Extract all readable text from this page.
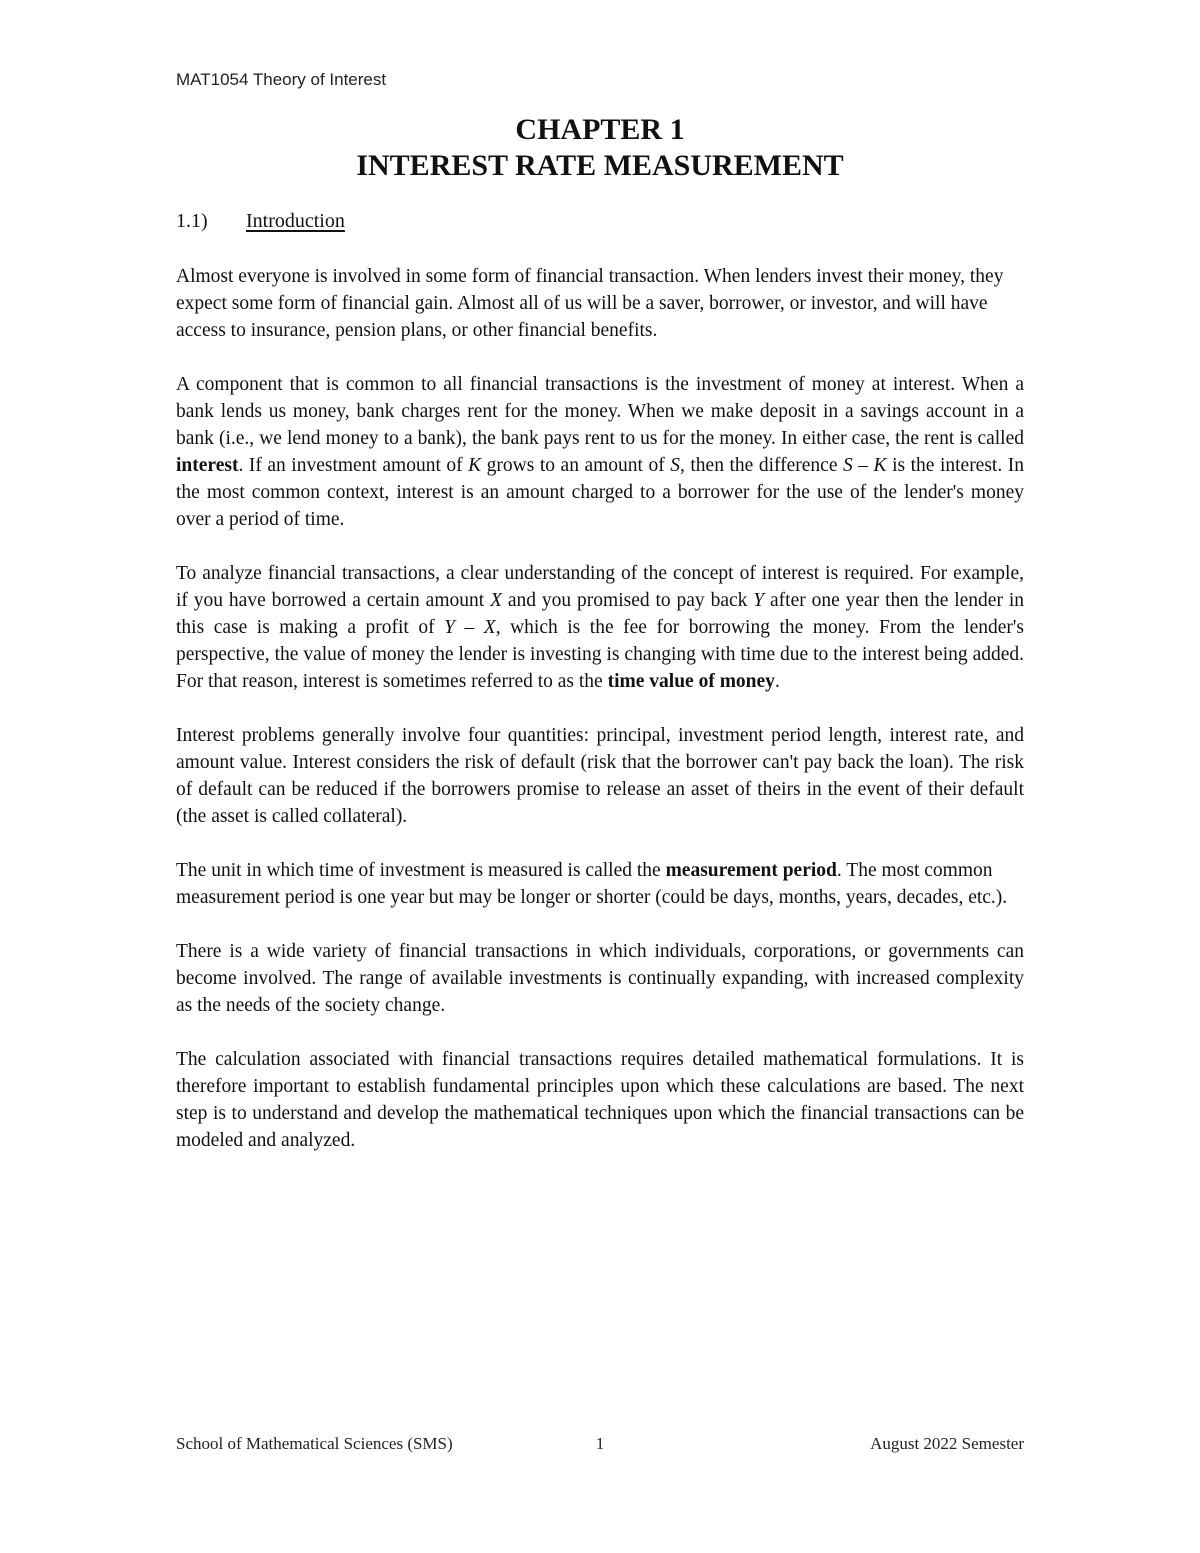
MAT1054 Theory of Interest
CHAPTER 1
INTEREST RATE MEASUREMENT
1.1) Introduction

Almost everyone is involved in some form of financial transaction. When lenders invest their money, they expect some form of financial gain. Almost all of us will be a saver, borrower, or investor, and will have access to insurance, pension plans, or other financial benefits.

A component that is common to all financial transactions is the investment of money at interest. When a bank lends us money, bank charges rent for the money. When we make deposit in a savings account in a bank (i.e., we lend money to a bank), the bank pays rent to us for the money. In either case, the rent is called interest. If an investment amount of K grows to an amount of S, then the difference S – K is the interest. In the most common context, interest is an amount charged to a borrower for the use of the lender's money over a period of time.

To analyze financial transactions, a clear understanding of the concept of interest is required. For example, if you have borrowed a certain amount X and you promised to pay back Y after one year then the lender in this case is making a profit of Y – X, which is the fee for borrowing the money. From the lender's perspective, the value of money the lender is investing is changing with time due to the interest being added. For that reason, interest is sometimes referred to as the time value of money.

Interest problems generally involve four quantities: principal, investment period length, interest rate, and amount value. Interest considers the risk of default (risk that the borrower can't pay back the loan). The risk of default can be reduced if the borrowers promise to release an asset of theirs in the event of their default (the asset is called collateral).

The unit in which time of investment is measured is called the measurement period. The most common measurement period is one year but may be longer or shorter (could be days, months, years, decades, etc.).

There is a wide variety of financial transactions in which individuals, corporations, or governments can become involved. The range of available investments is continually expanding, with increased complexity as the needs of the society change.

The calculation associated with financial transactions requires detailed mathematical formulations. It is therefore important to establish fundamental principles upon which these calculations are based. The next step is to understand and develop the mathematical techniques upon which the financial transactions can be modeled and analyzed.

School of Mathematical Sciences (SMS)	1	August 2022 Semester
